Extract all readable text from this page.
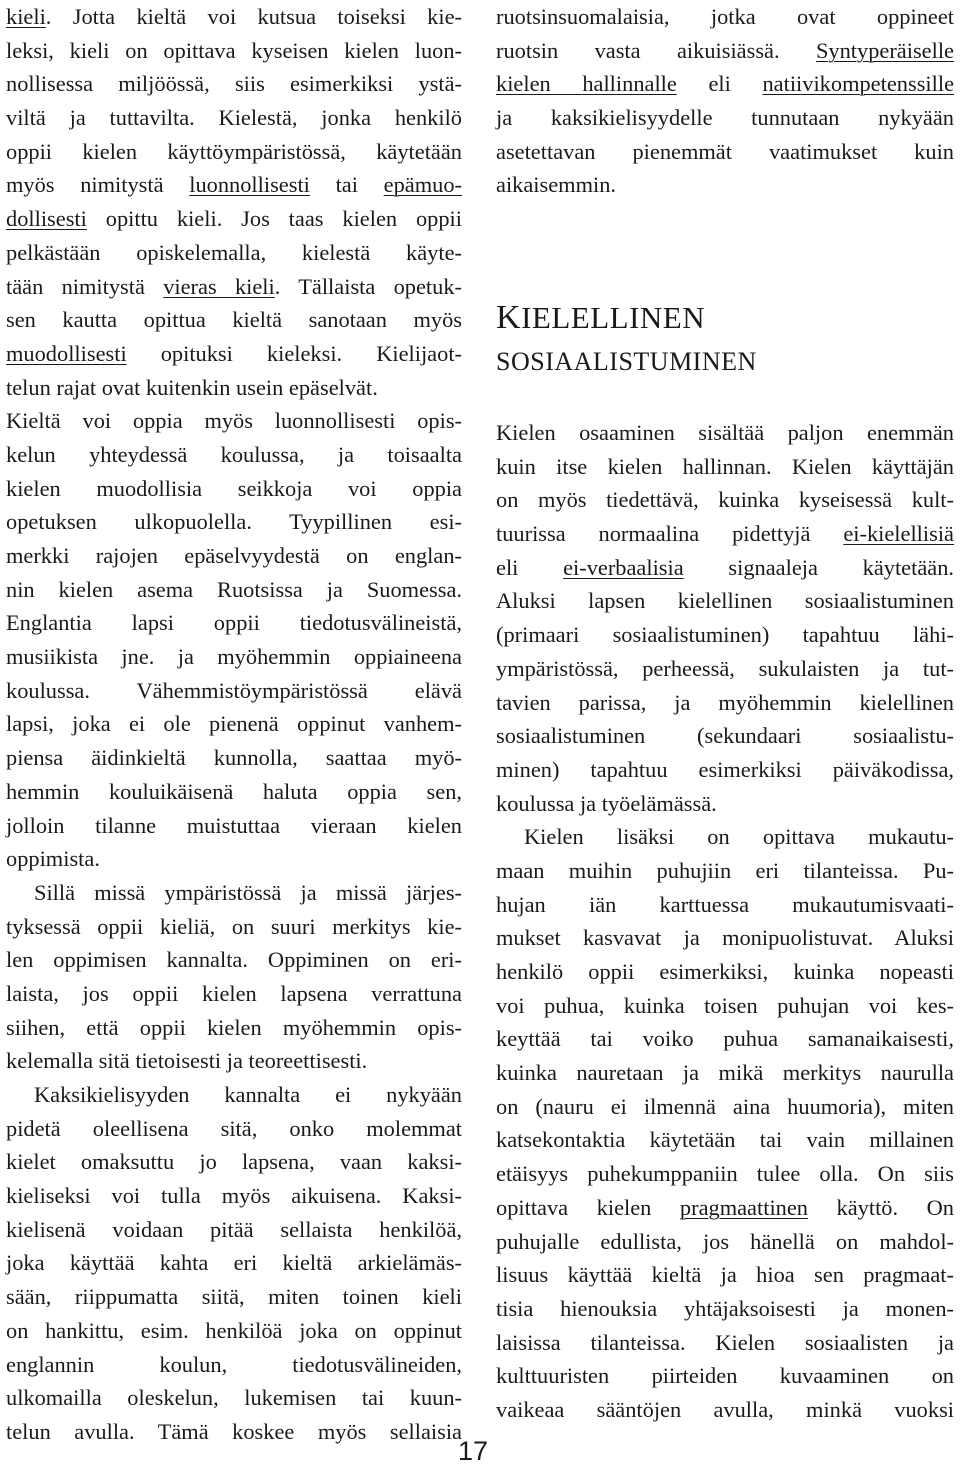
kieli. Jotta kieltä voi kutsua toiseksi kie-
leksi, kieli on opittava kyseisen kielen luon-
nollisessa miljöössä, siis esimerkiksi ystä-
viltä ja tuttavilta. Kielestä, jonka henkilö
oppii kielen käyttöympäristössä, käytetään
myös nimitystä luonnollisesti tai epämuo-
dollisesti opittu kieli. Jos taas kielen oppii
pelkästään opiskelemalla, kielestä käyte-
tään nimitystä vieras kieli. Tällaista opetuk-
sen kautta opittua kieltä sanotaan myös
muodollisesti opituksi kieleksi. Kielijaot-
telun rajat ovat kuitenkin usein epäselvät.
Kieltä voi oppia myös luonnollisesti opis-
kelun yhteydessä koulussa, ja toisaalta
kielen muodollisia seikkoja voi oppia
opetuksen ulkopuolella. Tyypillinen esi-
merkki rajojen epäselvyydestä on englan-
nin kielen asema Ruotsissa ja Suomessa.
Englantia lapsi oppii tiedotusvälineistä,
musiikista jne. ja myöhemmin oppiaineena
koulussa. Vähemmistöympäristössä elävä
lapsi, joka ei ole pienenä oppinut vanhem-
piensa äidinkieltä kunnolla, saattaa myö-
hemmin kouluikäisenä haluta oppia sen,
jolloin tilanne muistuttaa vieraan kielen
oppimista.
Sillä missä ympäristössä ja missä järjes-
tyksessä oppii kieliä, on suuri merkitys kie-
len oppimisen kannalta. Oppiminen on eri-
laista, jos oppii kielen lapsena verrattuna
siihen, että oppii kielen myöhemmin opis-
kelemalla sitä tietoisesti ja teoreettisesti.
Kaksikielisyyden kannalta ei nykyään
pidetä oleellisena sitä, onko molemmat
kielet omaksuttu jo lapsena, vaan kaksi-
kieliseksi voi tulla myös aikuisena. Kaksi-
kielisenä voidaan pitää sellaista henkilöä,
joka käyttää kahta eri kieltä arkielämäs-
sään, riippumatta siitä, miten toinen kieli
on hankittu, esim. henkilöä joka on oppinut
englannin koulun, tiedotusvälineiden,
ulkomailla oleskelun, lukemisen tai kuun-
telun avulla. Tämä koskee myös sellaisia
ruotsinsuomalaisia, jotka ovat oppineet
ruotsin vasta aikuisiässä. Syntyperäiselle
kielen hallinnalle eli natiivikompetenssille
ja kaksikielisyydelle tunnutaan nykyään
asetettavan pienemmät vaatimukset kuin
aikaisemmin.
KIELELLINEN
SOSIAALISTUMINEN
Kielen osaaminen sisältää paljon enemmän
kuin itse kielen hallinnan. Kielen käyttäjän
on myös tiedettävä, kuinka kyseisessä kult-
tuurissa normaalina pidettyjä ei-kielellisiä
eli ei-verbaalisia signaaleja käytetään.
Aluksi lapsen kielellinen sosiaalistuminen
(primaari sosiaalistuminen) tapahtuu lähi-
ympäristössä, perheessä, sukulaisten ja tut-
tavien parissa, ja myöhemmin kielellinen
sosiaalistuminen (sekundaari sosiaalistu-
minen) tapahtuu esimerkiksi päiväkodissa,
koulussa ja työelämässä.
Kielen lisäksi on opittava mukautu-
maan muihin puhujiin eri tilanteissa. Pu-
hujan iän karttuessa mukautumisvaati-
mukset kasvavat ja monipuolistuvat. Aluksi
henkilö oppii esimerkiksi, kuinka nopeasti
voi puhua, kuinka toisen puhujan voi kes-
keyttää tai voiko puhua samanaikaisesti,
kuinka nauretaan ja mikä merkitys naurulla
on (nauru ei ilmennä aina huumoria), miten
katsekontaktia käytetään tai vain millainen
etäisyys puhekumppaniin tulee olla. On siis
opittava kielen pragmaattinen käyttö. On
puhujalle edullista, jos hänellä on mahdol-
lisuus käyttää kieltä ja hioa sen pragmaat-
tisia hienouksia yhtäjaksoisesti ja monen-
laisissa tilanteissa. Kielen sosiaalisten ja
kulttuuristen piirteiden kuvaaminen on
vaikeaa sääntöjen avulla, minkä vuoksi
17
